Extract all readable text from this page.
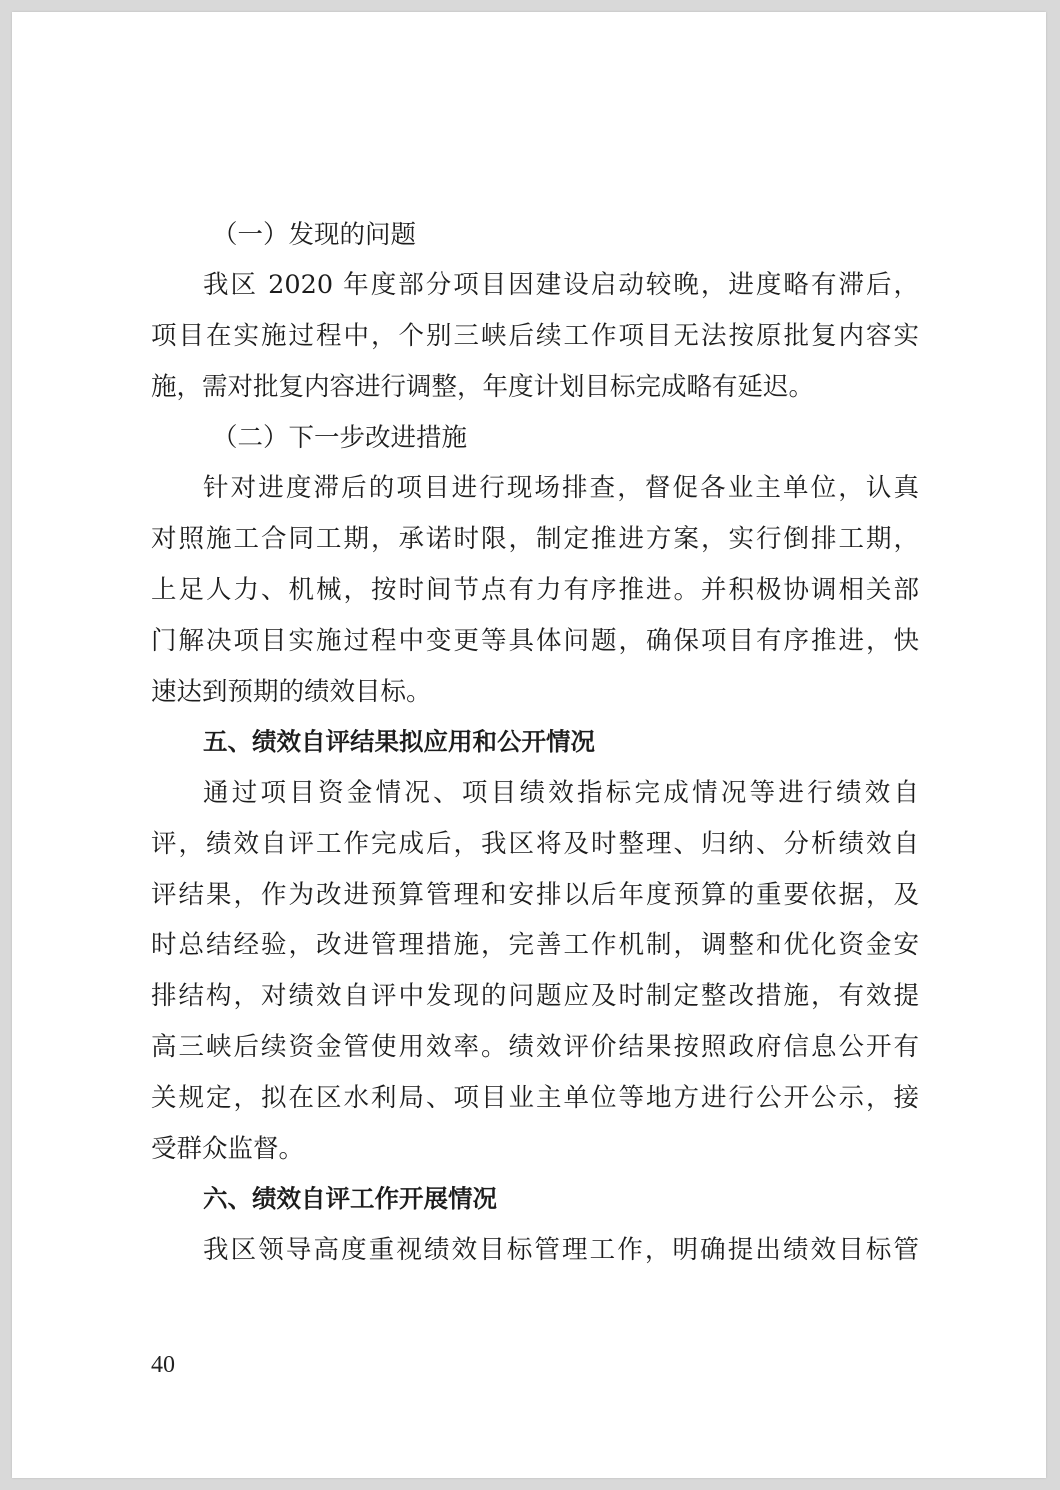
（一）发现的问题
我区 2020 年度部分项目因建设启动较晚，进度略有滞后，
项目在实施过程中，个别三峡后续工作项目无法按原批复内容实
施，需对批复内容进行调整，年度计划目标完成略有延迟。
（二）下一步改进措施
针对进度滞后的项目进行现场排查，督促各业主单位，认真
对照施工合同工期，承诺时限，制定推进方案，实行倒排工期，
上足人力、机械，按时间节点有力有序推进。并积极协调相关部
门解决项目实施过程中变更等具体问题，确保项目有序推进，快
速达到预期的绩效目标。
五、绩效自评结果拟应用和公开情况
通过项目资金情况、项目绩效指标完成情况等进行绩效自
评，绩效自评工作完成后，我区将及时整理、归纳、分析绩效自
评结果，作为改进预算管理和安排以后年度预算的重要依据，及
时总结经验，改进管理措施，完善工作机制，调整和优化资金安
排结构，对绩效自评中发现的问题应及时制定整改措施，有效提
高三峡后续资金管使用效率。绩效评价结果按照政府信息公开有
关规定，拟在区水利局、项目业主单位等地方进行公开公示，接
受群众监督。
六、绩效自评工作开展情况
我区领导高度重视绩效目标管理工作，明确提出绩效目标管
40
